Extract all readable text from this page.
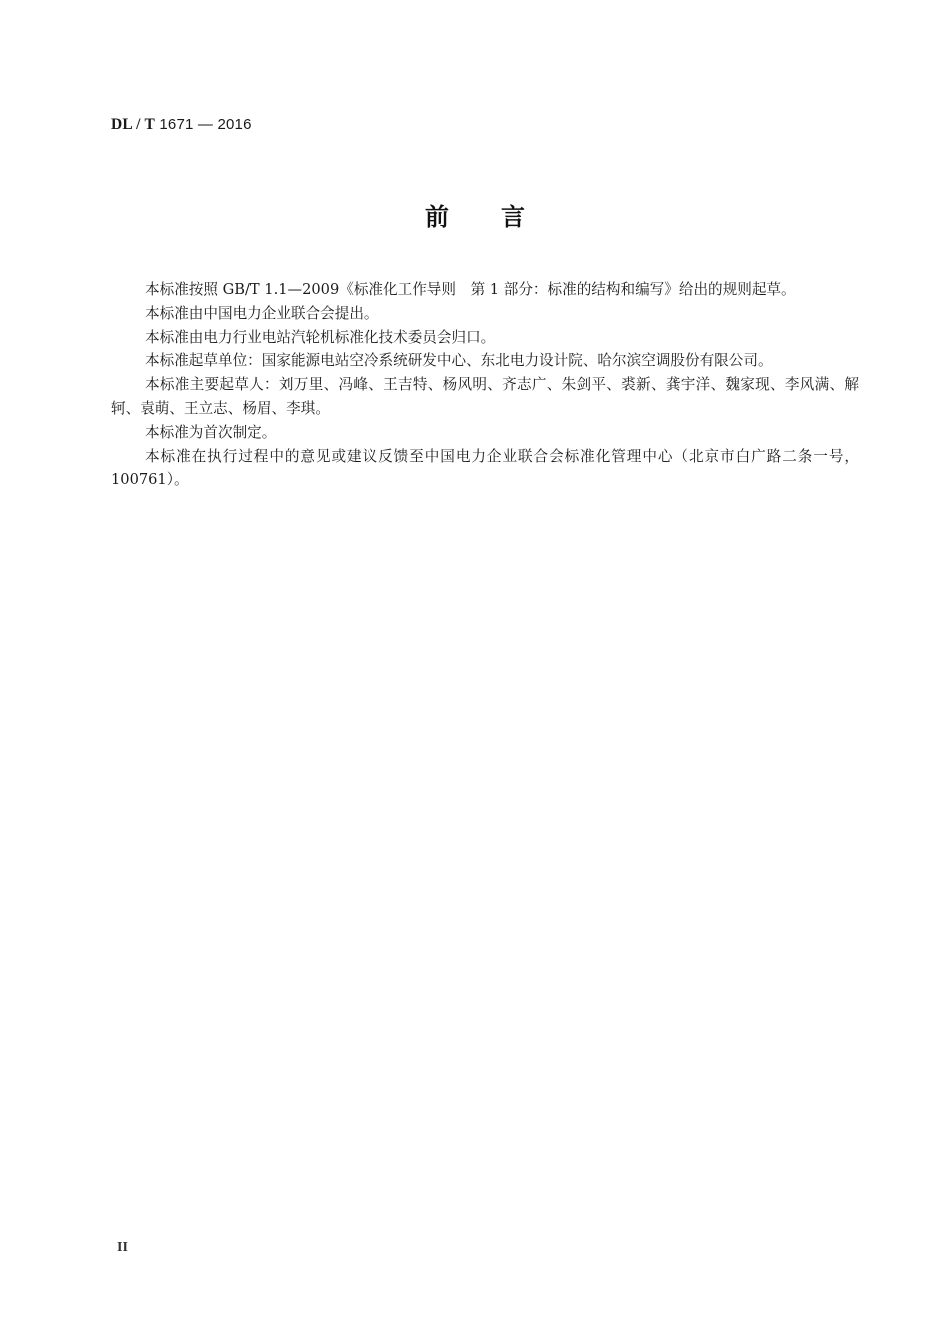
DL / T 1671 — 2016
前 言

本标准按照 GB/T 1.1—2009《标准化工作导则　第 1 部分：标准的结构和编写》给出的规则起草。

本标准由中国电力企业联合会提出。

本标准由电力行业电站汽轮机标准化技术委员会归口。

本标准起草单位：国家能源电站空冷系统研发中心、东北电力设计院、哈尔滨空调股份有限公司。

本标准主要起草人：刘万里、冯峰、王吉特、杨风明、齐志广、朱剑平、裘新、龚宇洋、魏家现、李风满、解轲、袁萌、王立志、杨眉、李琪。

本标准为首次制定。

本标准在执行过程中的意见或建议反馈至中国电力企业联合会标准化管理中心（北京市白广路二条一号，100761）。

II
